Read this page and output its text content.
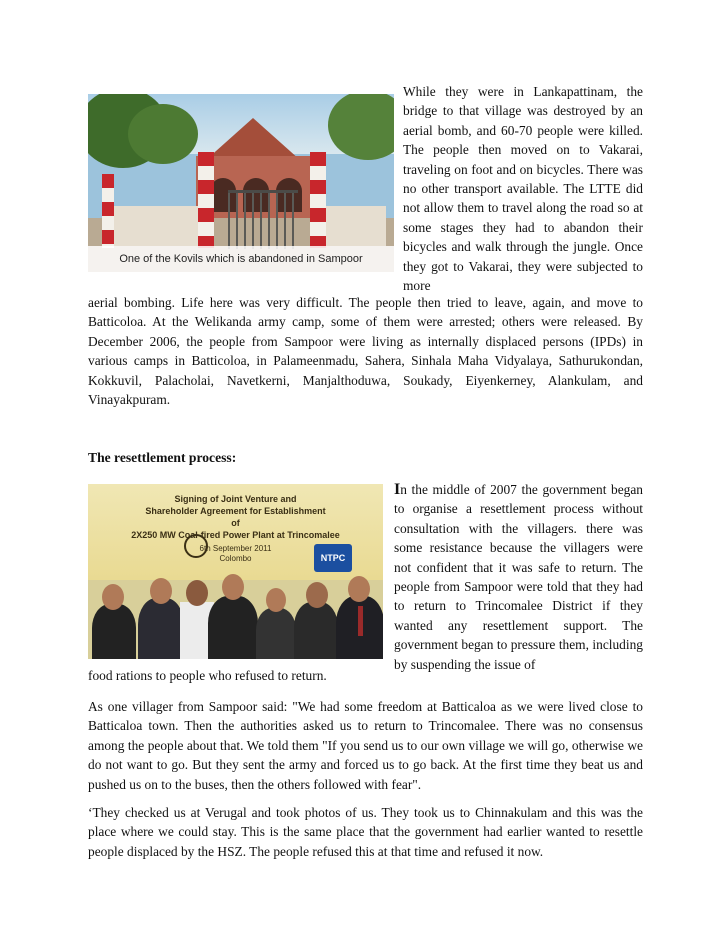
One of the Kovils which is abandoned in Sampoor

While they were in Lankapattinam, the bridge to that village was destroyed by an aerial bomb, and 60-70 people were killed. The people then moved on to Vakarai, traveling on foot and on bicycles. There was no other transport available. The LTTE did not allow them to travel along the road so at some stages they had to abandon their bicycles and walk through the jungle. Once they got to Vakarai, they were subjected to more

aerial bombing. Life here was very difficult. The people then tried to leave, again, and move to Batticoloa. At the Welikanda army camp, some of them were arrested; others were released. By December 2006, the people from Sampoor were living as internally displaced persons (IPDs) in various camps in Batticoloa, in Palameenmadu, Sahera, Sinhala Maha Vidyalaya, Sathurukondan, Kokkuvil, Palacholai, Navetkerni, Manjalthoduwa, Soukady, Eiyenkerney, Alankulam, and Vinayakpuram.

The resettlement process:

Signing of Joint Venture and

Shareholder Agreement for Establishment

of

2X250 MW Coal-fired Power Plant at Trincomalee

6th September 2011

Colombo	NTPC

In the middle of 2007 the government began to organise a resettlement process without consultation with the villagers. there was some resistance because the villagers were not confident that it was safe to return. The people from Sampoor were told that they had to return to Trincomalee District if they wanted any resettlement support. The government began to pressure them, including by suspending the issue of

food rations to people who refused to return.

As one villager from Sampoor said: "We had some freedom at Batticaloa as we were lived close to Batticaloa town. Then the authorities asked us to return to Trincomalee. There was no consensus among the people about that. We told them "If you send us to our own village we will go, otherwise we do not want to go. But they sent the army and forced us to go back. At the first time they beat us and pushed us on to the buses, then the others followed with fear".

‘They checked us at Verugal and took photos of us. They took us to Chinnakulam and this was the place where we could stay. This is the same place that the government had earlier wanted to resettle people displaced by the HSZ. The people refused this at that time and refused it now.
